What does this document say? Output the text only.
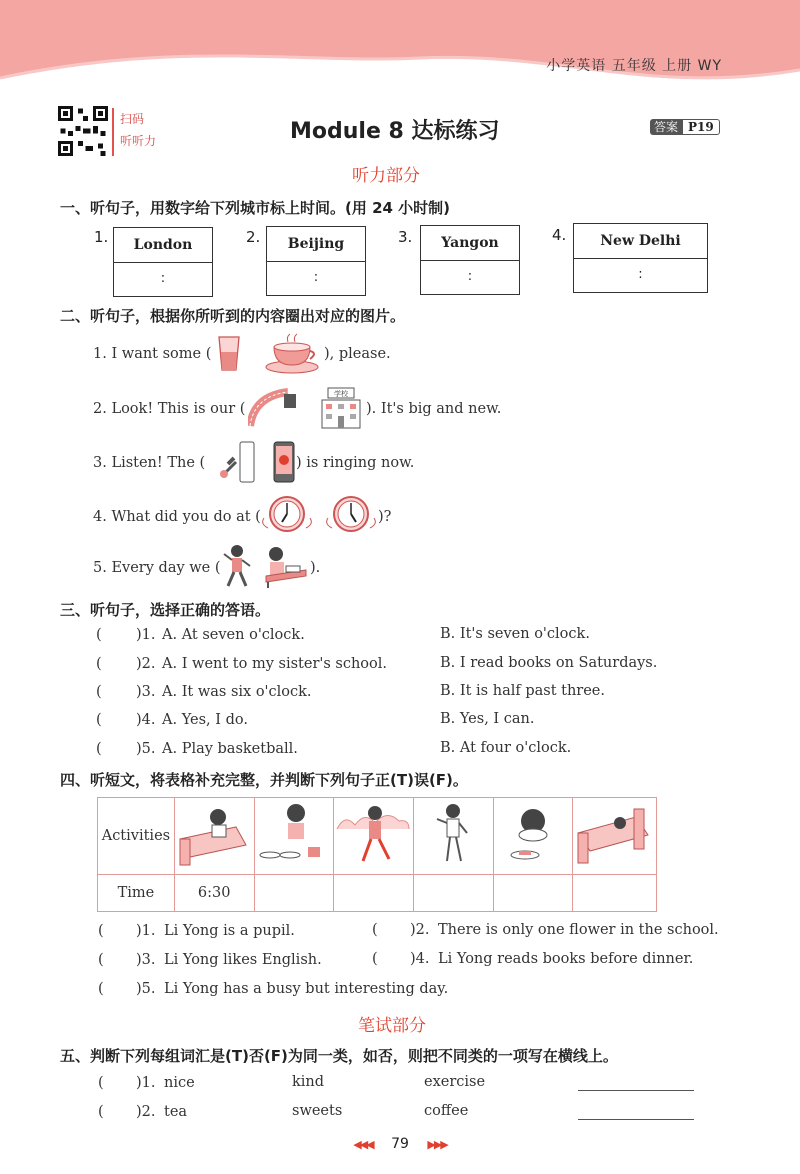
小学英语 五年级 上册 WY
扫码
听听力	Module 8 达标练习	答案 P19
听力部分
一、听句子，用数字给下列城市标上时间。(用 24 小时制)
1.	London
:
2.	Beijing
:
3.	Yangon
:
4.	New Delhi
:
二、听句子，根据你所听到的内容圈出对应的图片。
1. I want some (	), please.
2. Look! This is our (
学校
). It's big and new.
3. Listen! The (	) is ringing now.
4. What did you do at (	)?
5. Every day we (	).
三、听句子，选择正确的答语。
( )1. A. At seven o'clock.	B. It's seven o'clock.
( )2. A. I went to my sister's school.	B. I read books on Saturdays.
( )3. A. It was six o'clock.	B. It is half past three.
( )4. A. Yes, I do.	B. Yes, I can.
( )5. A. Play basketball.	B. At four o'clock.
四、听短文，将表格补充完整，并判断下列句子正(T)误(F)。
Activities						
Time	6:30					
( )1. Li Yong is a pupil.	( )2. There is only one flower in the school.
( )3. Li Yong likes English.	( )4. Li Yong reads books before dinner.
( )5. Li Yong has a busy but interesting day.
笔试部分
五、判断下列每组词汇是(T)否(F)为同一类，如否，则把不同类的一项写在横线上。
( )1. nice	kind	exercise
( )2. tea	sweets	coffee
◀◀◀ 79 ▶▶▶
